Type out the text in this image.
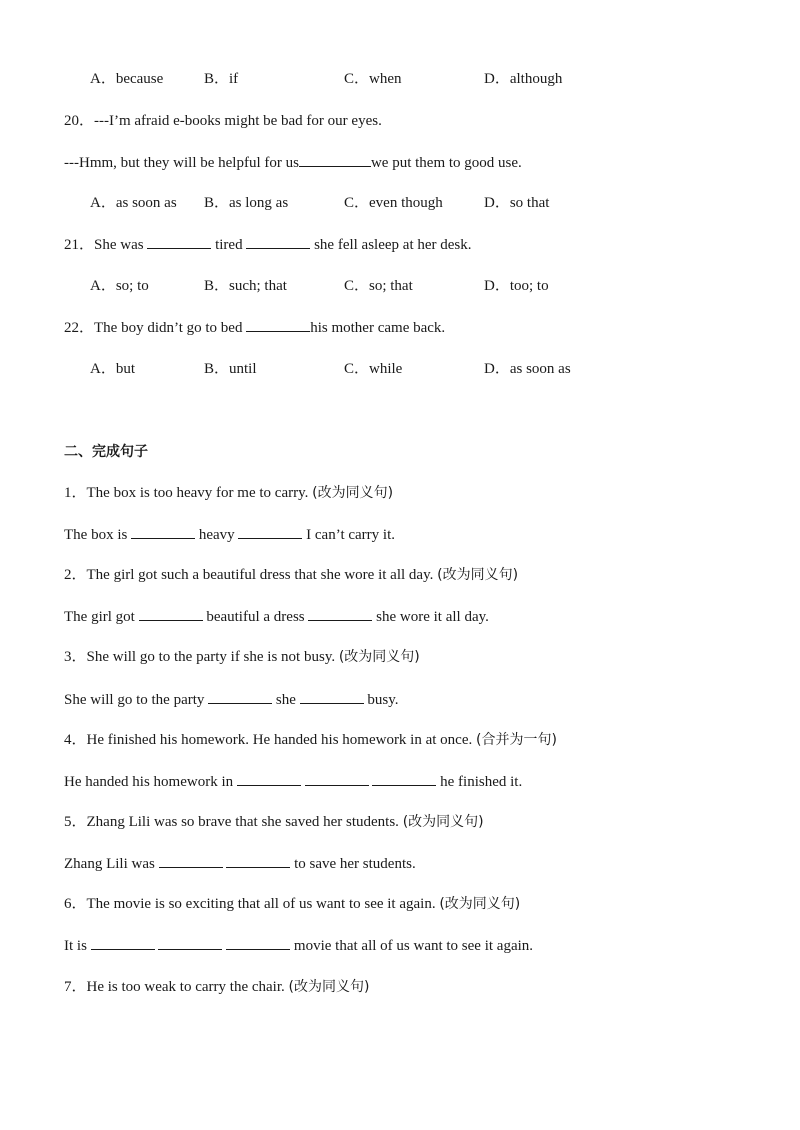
A．because	B．if	C．when	D．although
20．---I’m afraid e-books might be bad for our eyes.
---Hmm, but they will be helpful for us	we put them to good use.
A．as soon as B．as long as	C．even though	D．so that
21．She was	tired	she fell asleep at her desk.
A．so; to	B．such; that	C．so; that	D．too; to
22．The boy didn’t go to bed	his mother came back.
A．but	B．until	C．while	D．as soon as
二、完成句子
1．The box is too heavy for me to carry. (改为同义句)
The box is	heavy	I can’t carry it.
2．The girl got such a beautiful dress that she wore it all day. (改为同义句)
The girl got	beautiful a dress	she wore it all day.
3．She will go to the party if she is not busy. (改为同义句)
She will go to the party	she	busy.
4．He finished his homework. He handed his homework in at once. (合并为一句)
He handed his homework in	he finished it.
5．Zhang Lili was so brave that she saved her students. (改为同义句)
Zhang Lili was	to save her students.
6．The movie is so exciting that all of us want to see it again. (改为同义句)
It is	movie that all of us want to see it again.
7．He is too weak to carry the chair. (改为同义句)
